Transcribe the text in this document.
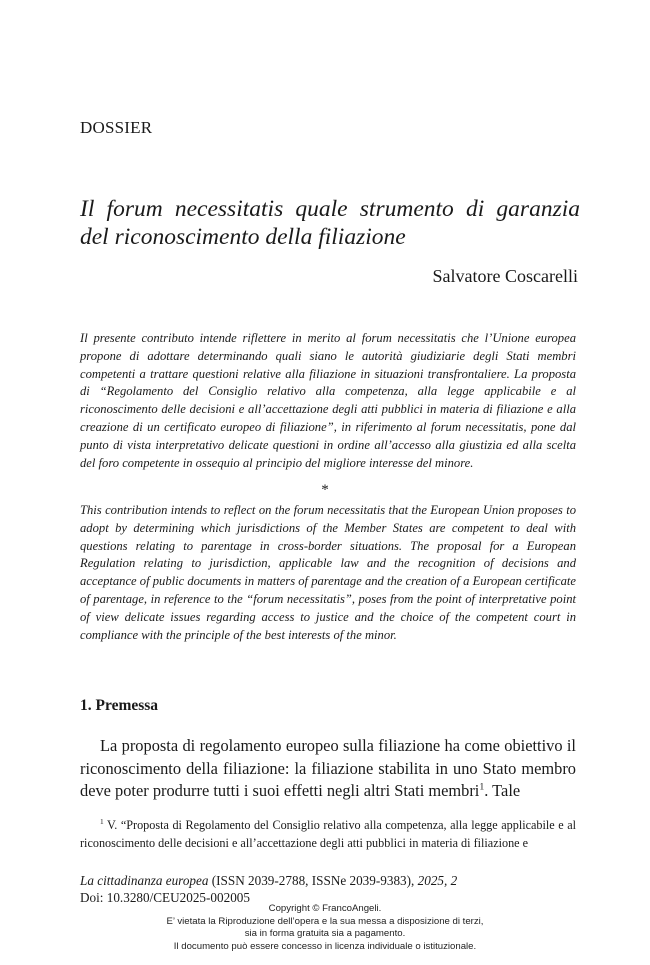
DOSSIER
Il forum necessitatis quale strumento di garanzia
del riconoscimento della filiazione
Salvatore Coscarelli

Il presente contributo intende riflettere in merito al forum necessitatis che l’Unione europea propone di adottare determinando quali siano le autorità giudiziarie degli Stati membri competenti a trattare questioni relative alla filiazione in situazioni transfrontaliere. La proposta di “Regolamento del Consiglio relativo alla competenza, alla legge applicabile e al riconoscimento delle decisioni e all’accettazione degli atti pubblici in materia di filiazione e alla creazione di un certificato europeo di filiazione”, in riferimento al forum necessitatis, pone dal punto di vista interpretativo delicate questioni in ordine all’accesso alla giustizia ed alla scelta del foro competente in ossequio al principio del migliore interesse del minore.

*

This contribution intends to reflect on the forum necessitatis that the European Union proposes to adopt by determining which jurisdictions of the Member States are competent to deal with questions relating to parentage in cross-border situations. The proposal for a European Regulation relating to jurisdiction, applicable law and the recognition of decisions and acceptance of public documents in matters of parentage and the creation of a European certificate of parentage, in reference to the “forum necessitatis”, poses from the point of interpretative point of view delicate issues regarding access to justice and the choice of the competent court in compliance with the principle of the best interests of the minor.

1. Premessa

La proposta di regolamento europeo sulla filiazione ha come obiettivo il riconoscimento della filiazione: la filiazione stabilita in uno Stato membro deve poter produrre tutti i suoi effetti negli altri Stati membri$^1$. Tale

$^1$ V. “Proposta di Regolamento del Consiglio relativo alla competenza, alla legge applicabile e al riconoscimento delle decisioni e all’accettazione degli atti pubblici in materia di filiazione e

La cittadinanza europea (ISSN 2039-2788, ISSNe 2039-9383), 2025, 2
Doi: 10.3280/CEU2025-002005
Copyright © FrancoAngeli.
E’ vietata la Riproduzione dell’opera e la sua messa a disposizione di terzi,
sia in forma gratuita sia a pagamento.
Il documento può essere concesso in licenza individuale o istituzionale.
